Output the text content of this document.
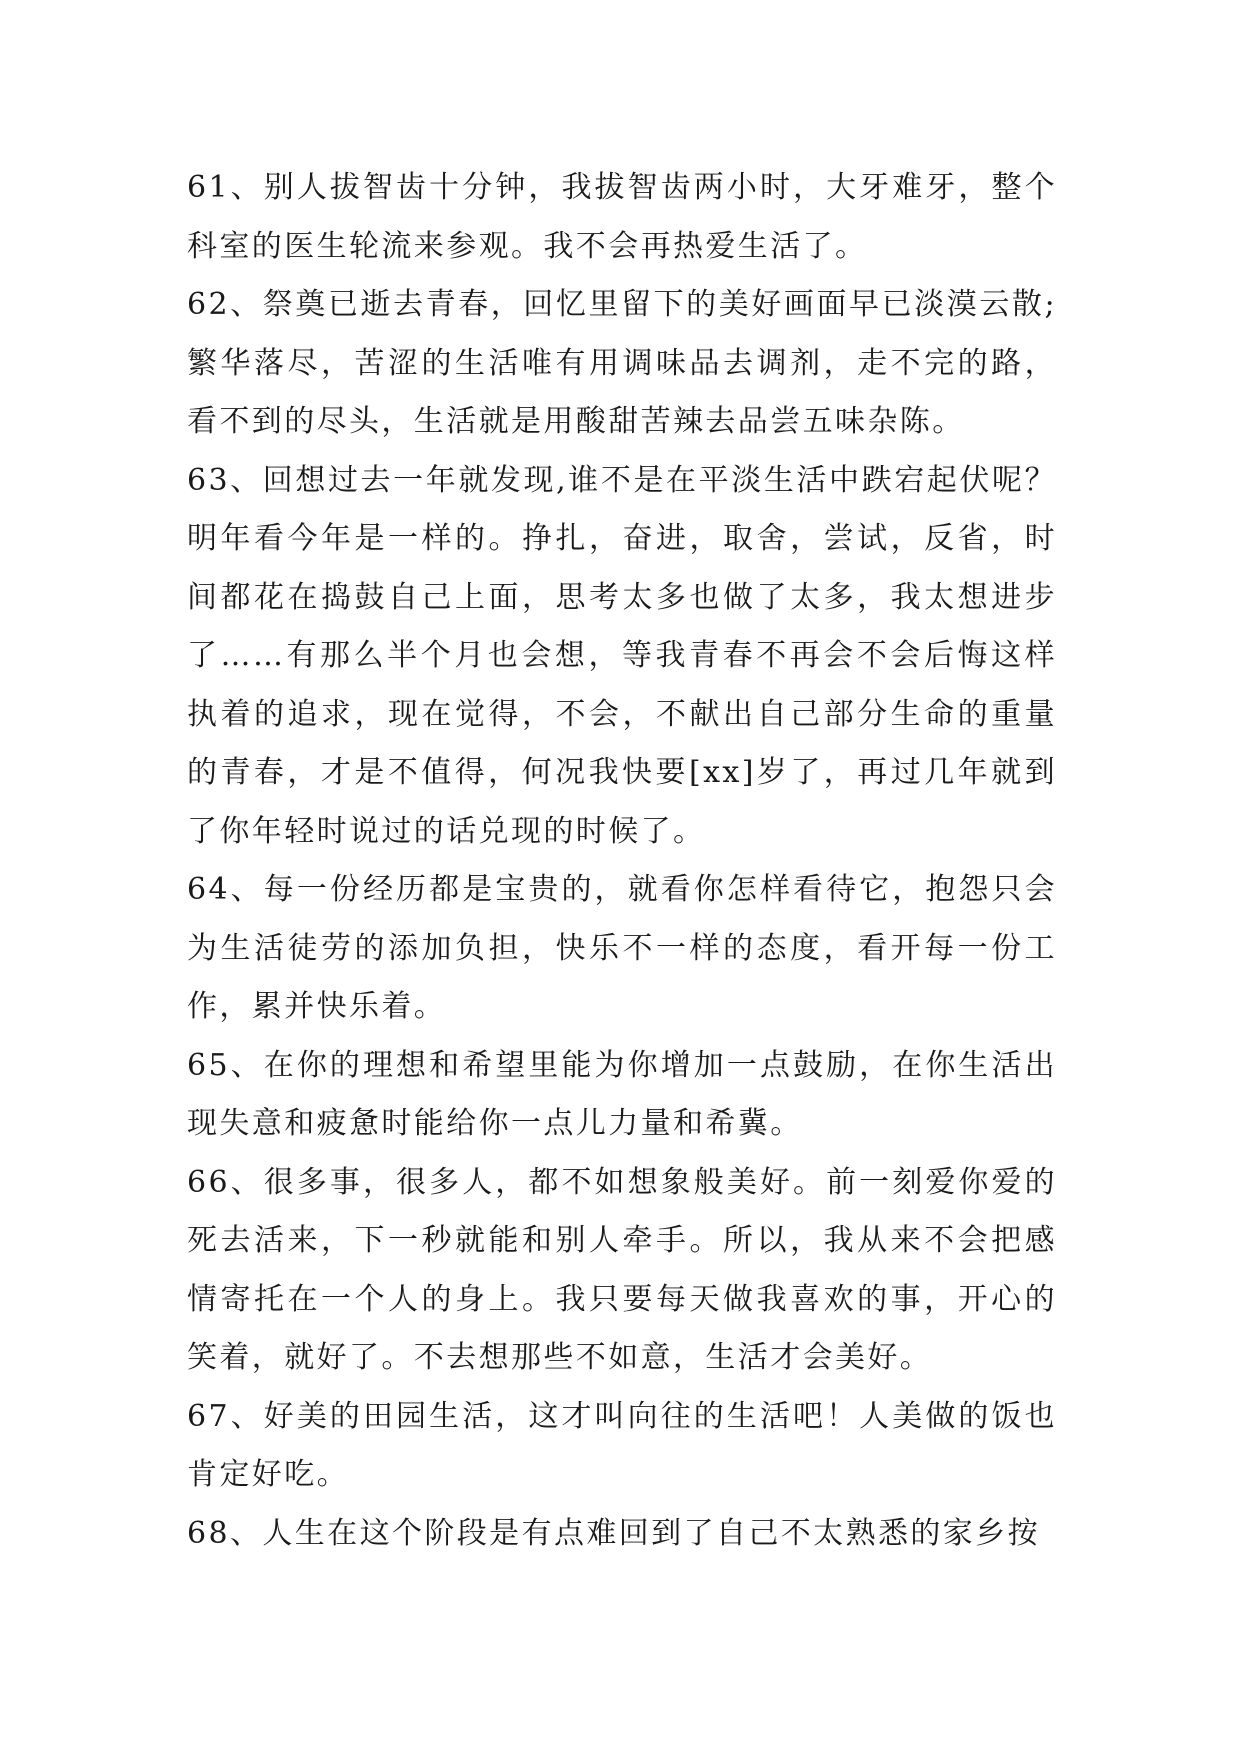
61、别人拔智齿十分钟，我拔智齿两小时，大牙难牙，整个科室的医生轮流来参观。我不会再热爱生活了。

62、祭奠已逝去青春，回忆里留下的美好画面早已淡漠云散;繁华落尽，苦涩的生活唯有用调味品去调剂，走不完的路，看不到的尽头，生活就是用酸甜苦辣去品尝五味杂陈。

63、回想过去一年就发现,谁不是在平淡生活中跌宕起伏呢？明年看今年是一样的。挣扎，奋进，取舍，尝试，反省，时间都花在捣鼓自己上面，思考太多也做了太多，我太想进步了……有那么半个月也会想，等我青春不再会不会后悔这样执着的追求，现在觉得，不会，不献出自己部分生命的重量的青春，才是不值得，何况我快要[xx]岁了，再过几年就到了你年轻时说过的话兑现的时候了。

64、每一份经历都是宝贵的，就看你怎样看待它，抱怨只会为生活徒劳的添加负担，快乐不一样的态度，看开每一份工作，累并快乐着。

65、在你的理想和希望里能为你增加一点鼓励，在你生活出现失意和疲惫时能给你一点儿力量和希冀。

66、很多事，很多人，都不如想象般美好。前一刻爱你爱的死去活来，下一秒就能和别人牵手。所以，我从来不会把感情寄托在一个人的身上。我只要每天做我喜欢的事，开心的笑着，就好了。不去想那些不如意，生活才会美好。

67、好美的田园生活，这才叫向往的生活吧！人美做的饭也肯定好吃。

68、人生在这个阶段是有点难回到了自己不太熟悉的家乡按
